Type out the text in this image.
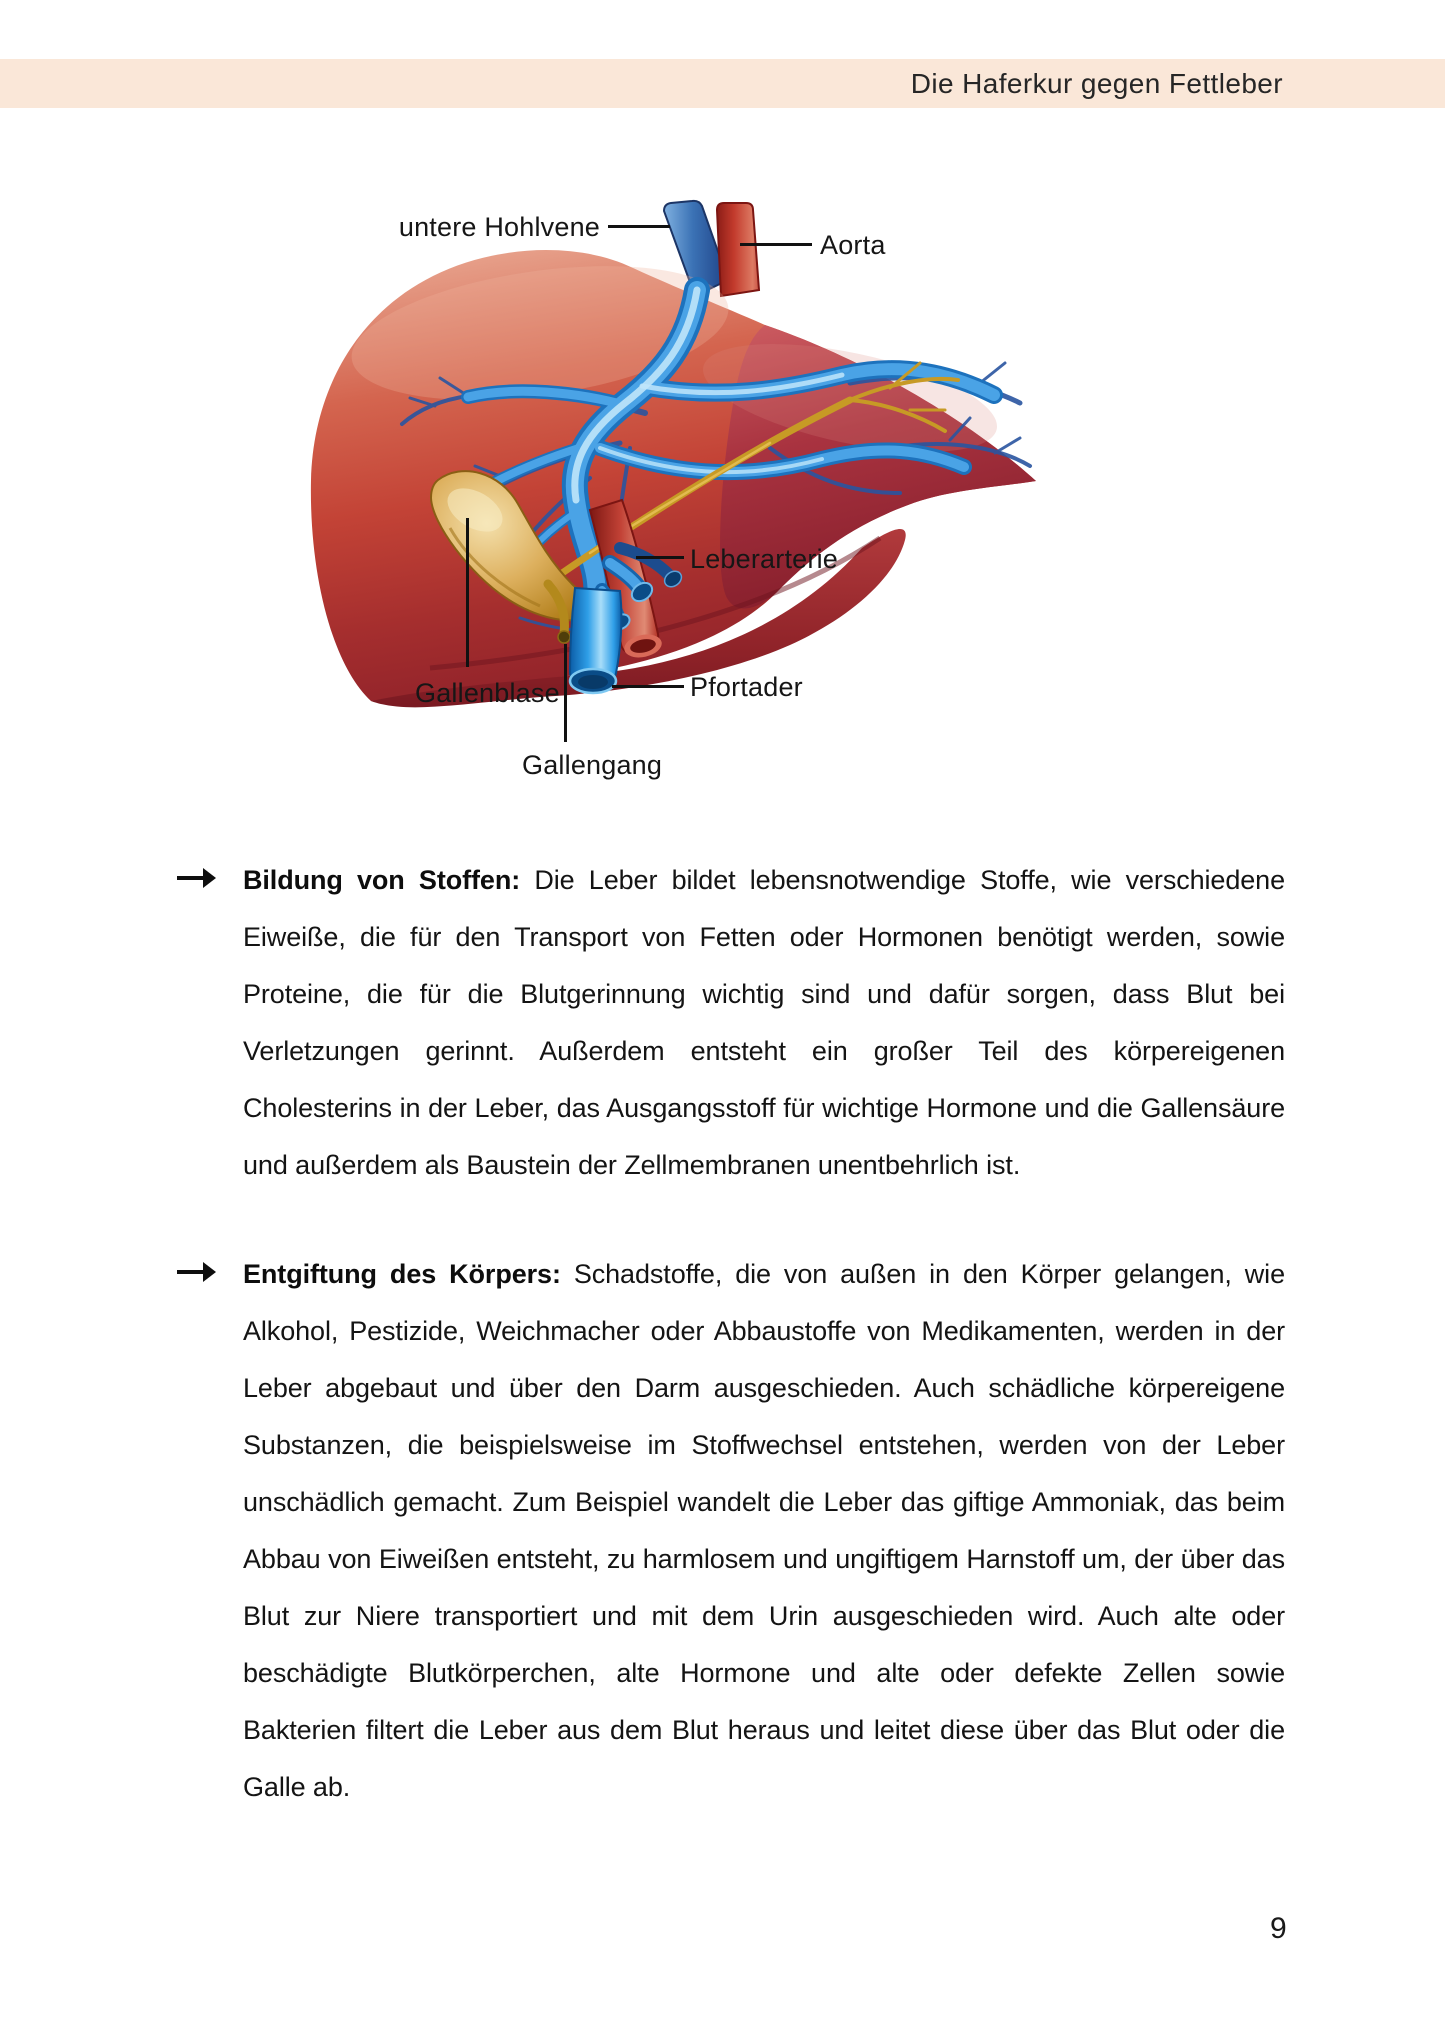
Die Haferkur gegen Fettleber
untere Hohlvene
Aorta
Leberarterie
Pfortader
Gallenblase
Gallengang

Bildung von Stoffen: Die Leber bildet lebensnotwendige Stoffe, wie verschiedene Eiweiße, die für den Transport von Fetten oder Hormonen benötigt werden, sowie Proteine, die für die Blutgerinnung wichtig sind und dafür sorgen, dass Blut bei Verletzungen gerinnt. Außerdem entsteht ein großer Teil des körpereigenen Cholesterins in der Leber, das Ausgangsstoff für wichtige Hormone und die Gallensäure und außerdem als Baustein der Zellmembranen unentbehrlich ist.

Entgiftung des Körpers: Schadstoffe, die von außen in den Körper gelangen, wie Alkohol, Pestizide, Weichmacher oder Abbaustoffe von Medikamenten, werden in der Leber abgebaut und über den Darm ausgeschieden. Auch schädliche körpereigene Substanzen, die beispielsweise im Stoffwechsel entstehen, werden von der Leber unschädlich gemacht. Zum Beispiel wandelt die Leber das giftige Ammoniak, das beim Abbau von Eiweißen entsteht, zu harmlosem und ungiftigem Harnstoff um, der über das Blut zur Niere transportiert und mit dem Urin ausgeschieden wird. Auch alte oder beschädigte Blutkörperchen, alte Hormone und alte oder defekte Zellen sowie Bakterien filtert die Leber aus dem Blut heraus und leitet diese über das Blut oder die Galle ab.

9
